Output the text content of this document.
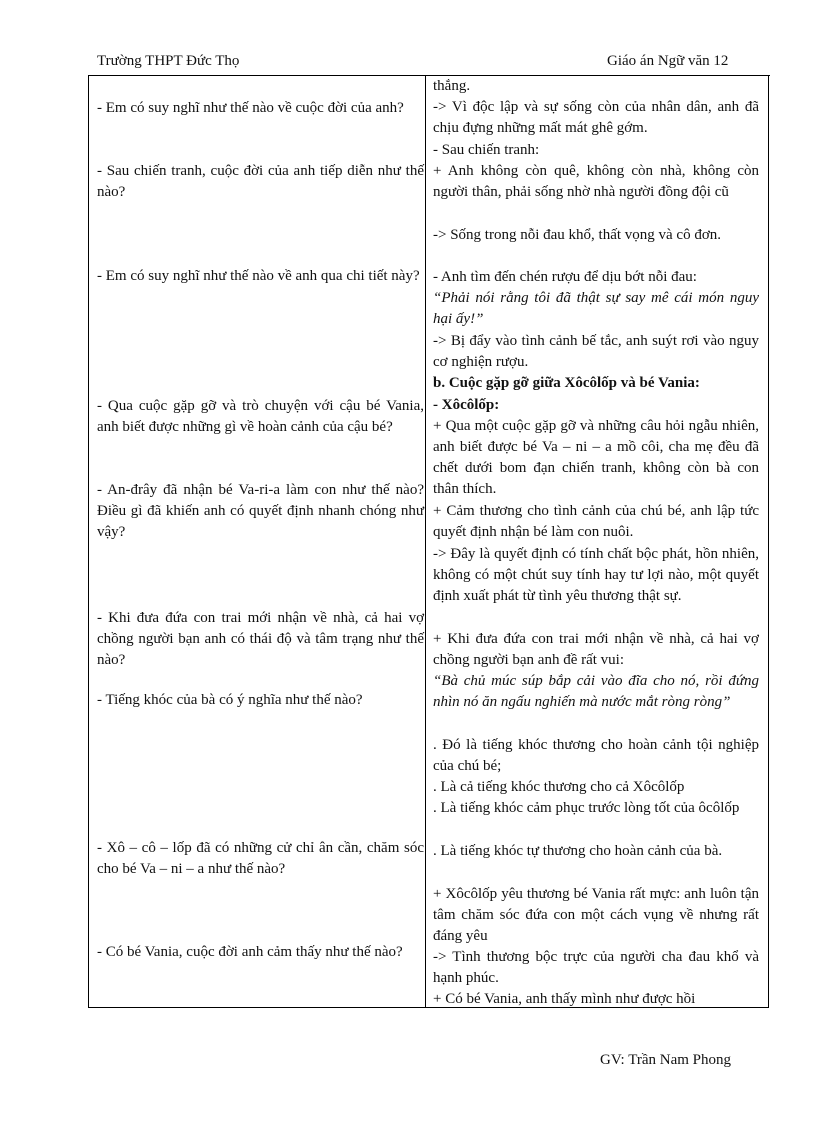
Trường THPT Đức Thọ	Giáo án Ngữ văn 12
- Em có suy nghĩ như thế nào về cuộc đời của anh?
- Sau chiến tranh, cuộc đời của anh tiếp diễn như thế nào?
- Em có suy nghĩ như thế nào về anh qua chi tiết này?
- Qua cuộc gặp gỡ và trò chuyện với cậu bé Vania, anh biết được những gì về hoàn cảnh của cậu bé?
- An-đrây đã nhận bé Va-ri-a làm con như thế nào? Điều gì đã khiến anh có quyết định nhanh chóng như vậy?
- Khi đưa đứa con trai mới nhận về nhà, cả hai vợ chồng người bạn anh có thái độ và tâm trạng như thế nào?
- Tiếng khóc của bà có ý nghĩa như thế nào?
- Xô – cô – lốp đã có những cử chỉ ân cần, chăm sóc cho bé Va – ni – a như thế nào?
- Có bé Vania, cuộc đời anh cảm thấy như thế nào?
thắng.
-> Vì độc lập và sự sống còn của nhân dân, anh đã chịu đựng những mất mát ghê gớm.
- Sau chiến tranh:
+ Anh không còn quê, không còn nhà, không còn người thân, phải sống nhờ nhà người đồng đội cũ
-> Sống trong nỗi đau khổ, thất vọng và cô đơn.
- Anh tìm đến chén rượu để dịu bớt nỗi đau:
“Phải nói rằng tôi đã thật sự say mê cái món nguy hại ấy!”
-> Bị đẩy vào tình cảnh bế tắc, anh suýt rơi vào nguy cơ nghiện rượu.
b. Cuộc gặp gỡ giữa Xôcôlốp và bé Vania:
- Xôcôlốp:
+ Qua một cuộc gặp gỡ và những câu hỏi ngẫu nhiên, anh biết được bé Va – ni – a mồ côi, cha mẹ đều đã chết dưới bom đạn chiến tranh, không còn bà con thân thích.
+ Cảm thương cho tình cảnh của chú bé, anh lập tức quyết định nhận bé làm con nuôi.
-> Đây là quyết định có tính chất bộc phát, hồn nhiên, không có một chút suy tính hay tư lợi nào, một quyết định xuất phát từ tình yêu thương thật sự.
+ Khi đưa đứa con trai mới nhận về nhà, cả hai vợ chồng người bạn anh đề rất vui:
“Bà chủ múc súp bắp cải vào đĩa cho nó, rồi đứng nhìn nó ăn ngấu nghiến mà nước mắt ròng ròng”
. Đó là tiếng khóc thương cho hoàn cảnh tội nghiệp của chú bé;
. Là cả tiếng khóc thương cho cả Xôcôlốp
. Là tiếng khóc cảm phục trước lòng tốt của ôcôlốp
. Là tiếng khóc tự thương cho hoàn cảnh của bà.
+ Xôcôlốp yêu thương bé Vania rất mực: anh luôn tận tâm chăm sóc đứa con một cách vụng về nhưng rất đáng yêu
-> Tình thương bộc trực của người cha đau khổ và hạnh phúc.
+ Có bé Vania, anh thấy mình như được hồi
GV: Trần Nam Phong
